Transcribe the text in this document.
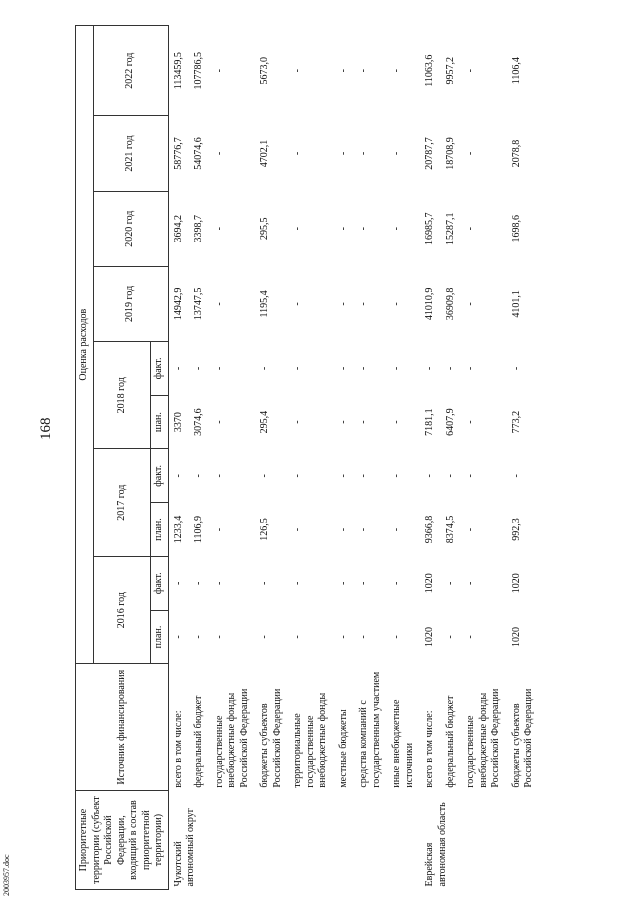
168
Приоритетные территории (субъект Российской Федерации, входящий в состав приоритетной территории)	Источник финансирования	Оценка расходов									
		2016 год		2017 год		2018 год		2019 год	2020 год	2021 год	2022 год
		план.	факт.	план.	факт.	шан.	факт.				
Чукотский автономный округ	всего в том числе:	-	-	1233,4	-	3370	-	14942,9	3694,2	58776,7	113459,5
	федеральный бюджет	-	-	1106,9	-	3074,6	-	13747,5	3398,7	54074,6	107786,5
	государственные внебюджетные фонды Российской Федерации	-	-	-	-	-	-	-	-	-	-
	бюджеты субъектов Российской Федерации	-	-	126,5	-	295,4	-	1195,4	295,5	4702,1	5673,0
	территориальные государственные внебюджетные фонды	-	-	-	-	-	-	-	-	-	-
	местные бюджеты	-	-	-	-	-	-	-	-	-	-
	средства компаний с государственным участием	-	-	-	-	-	-	-	-	-	-
	иные внебюджетные источники	-	-	-	-	-	-	-	-	-	-
Еврейская автономная область	всего в том числе:	1020	1020	9366,8	-	7181,1	-	41010,9	16985,7	20787,7	11063,6
	федеральный бюджет	-	-	8374,5	-	6407,9	-	36909,8	15287,1	18708,9	9957,2
	государственные внебюджетные фонды Российской Федерации	-	-	-	-	-	-	-	-	-	-
	бюджеты субъектов Российской Федерации	1020	1020	992,3	-	773,2	-	4101,1	1698,6	2078,8	1106,4
2003957.doc
